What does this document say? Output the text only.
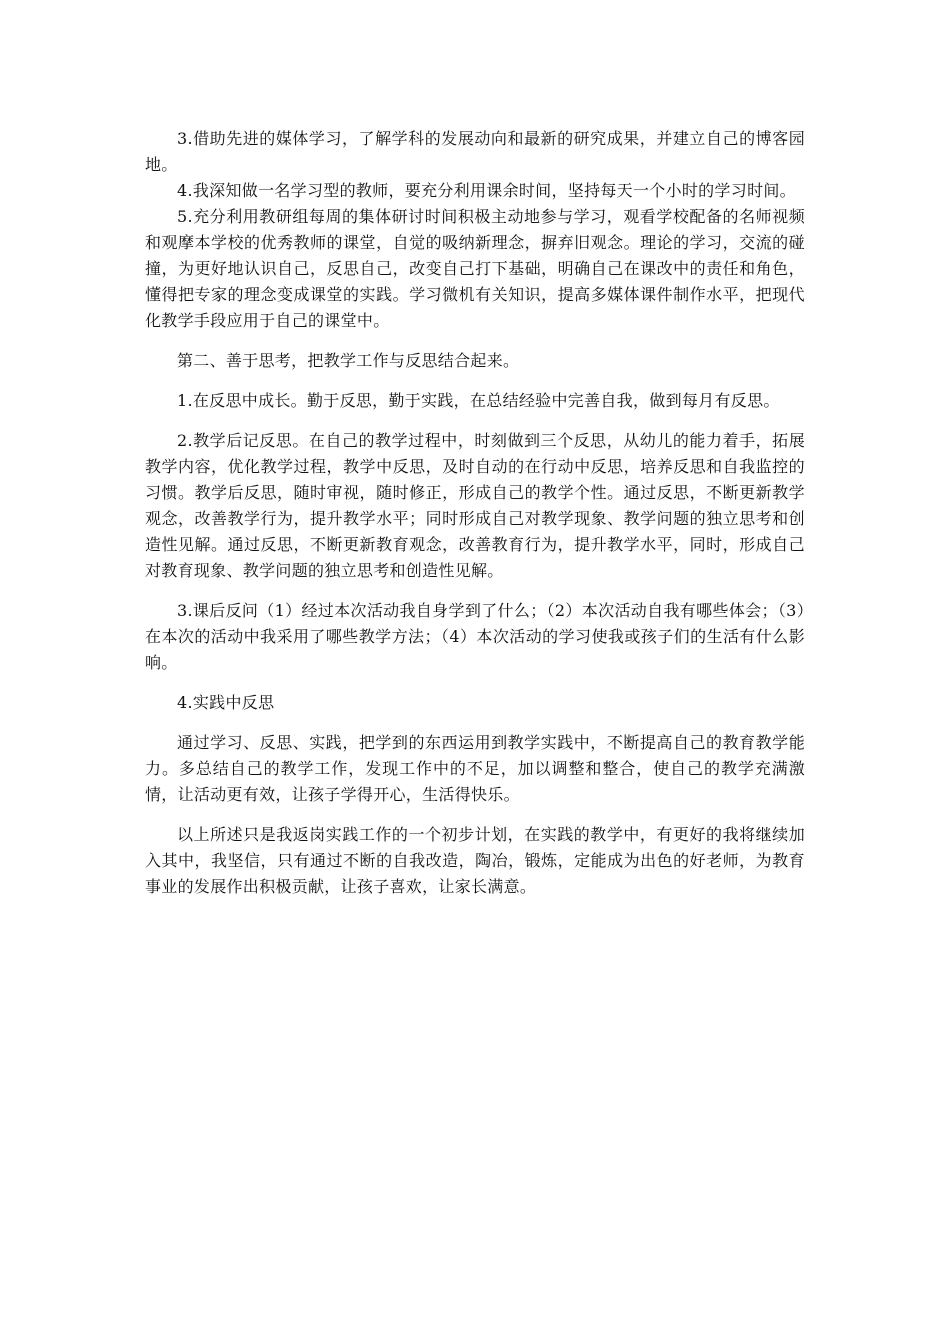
3.借助先进的媒体学习，了解学科的发展动向和最新的研究成果，并建立自己的博客园地。

4.我深知做一名学习型的教师，要充分利用课余时间，坚持每天一个小时的学习时间。

5.充分利用教研组每周的集体研讨时间积极主动地参与学习，观看学校配备的名师视频和观摩本学校的优秀教师的课堂，自觉的吸纳新理念，摒弃旧观念。理论的学习，交流的碰撞，为更好地认识自己，反思自己，改变自己打下基础，明确自己在课改中的责任和角色，懂得把专家的理念变成课堂的实践。学习微机有关知识，提高多媒体课件制作水平，把现代化教学手段应用于自己的课堂中。

第二、善于思考，把教学工作与反思结合起来。

1.在反思中成长。勤于反思，勤于实践，在总结经验中完善自我，做到每月有反思。

2.教学后记反思。在自己的教学过程中，时刻做到三个反思，从幼儿的能力着手，拓展教学内容，优化教学过程，教学中反思，及时自动的在行动中反思，培养反思和自我监控的习惯。教学后反思，随时审视，随时修正，形成自己的教学个性。通过反思，不断更新教学观念，改善教学行为，提升教学水平；同时形成自己对教学现象、教学问题的独立思考和创造性见解。通过反思，不断更新教育观念，改善教育行为，提升教学水平，同时，形成自己对教育现象、教学问题的独立思考和创造性见解。

3.课后反问（1）经过本次活动我自身学到了什么；（2）本次活动自我有哪些体会；（3）在本次的活动中我采用了哪些教学方法；（4）本次活动的学习使我或孩子们的生活有什么影响。

4.实践中反思

通过学习、反思、实践，把学到的东西运用到教学实践中，不断提高自己的教育教学能力。多总结自己的教学工作，发现工作中的不足，加以调整和整合，使自己的教学充满激情，让活动更有效，让孩子学得开心，生活得快乐。

以上所述只是我返岗实践工作的一个初步计划，在实践的教学中，有更好的我将继续加入其中，我坚信，只有通过不断的自我改造，陶冶，锻炼，定能成为出色的好老师，为教育事业的发展作出积极贡献，让孩子喜欢，让家长满意。
